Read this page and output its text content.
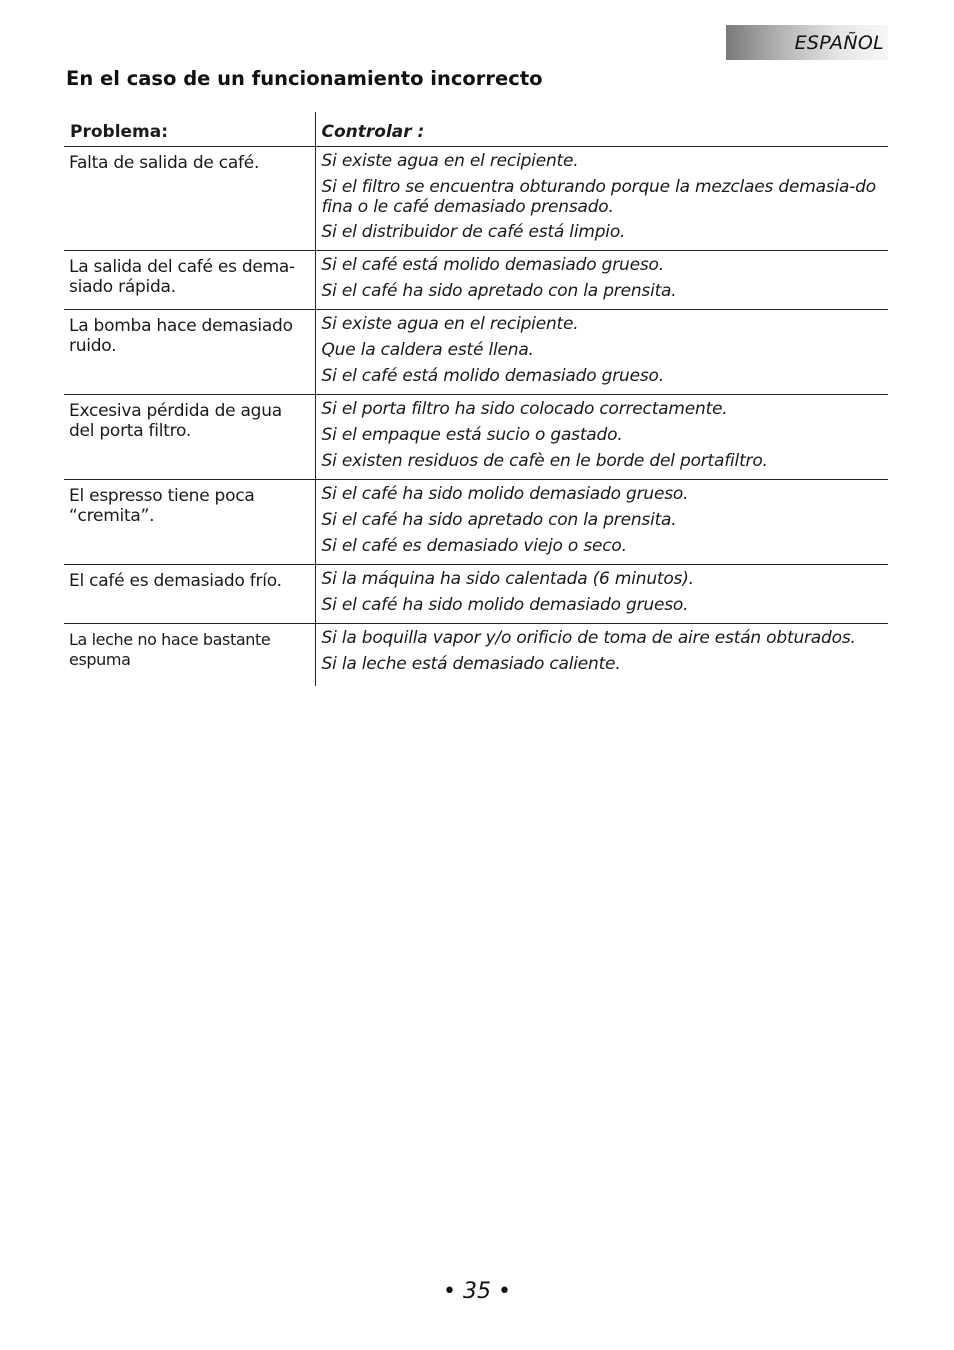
ESPAÑOL
En el caso de un funcionamiento incorrecto
Problema:	Controlar :
Falta de salida de café.	Si existe agua en el recipiente.
Si el filtro se encuentra obturando porque la mezclaes demasia-do fina o le café demasiado prensado.
Si el distribuidor de café está limpio.

La salida del café es dema-siado rápida.	Si el café está molido demasiado grueso.
Si el café ha sido apretado con la prensita.

La bomba hace demasiado ruido.	Si existe agua en el recipiente.
Que la caldera esté llena.
Si el café está molido demasiado grueso.

Excesiva pérdida de agua del porta filtro.	Si el porta filtro ha sido colocado correctamente.
Si el empaque está sucio o gastado.
Si existen residuos de cafè en le borde del portafiltro.

El espresso tiene poca “cremita”.	Si el café ha sido molido demasiado grueso.
Si el café ha sido apretado con la prensita.
Si el café es demasiado viejo o seco.

El café es demasiado frío.	Si la máquina ha sido calentada (6 minutos).
Si el café ha sido molido demasiado grueso.

La leche no hace bastante espuma	Si la boquilla vapor y/o orificio de toma de aire están obturados.
Si la leche está demasiado caliente.
• 35 •
